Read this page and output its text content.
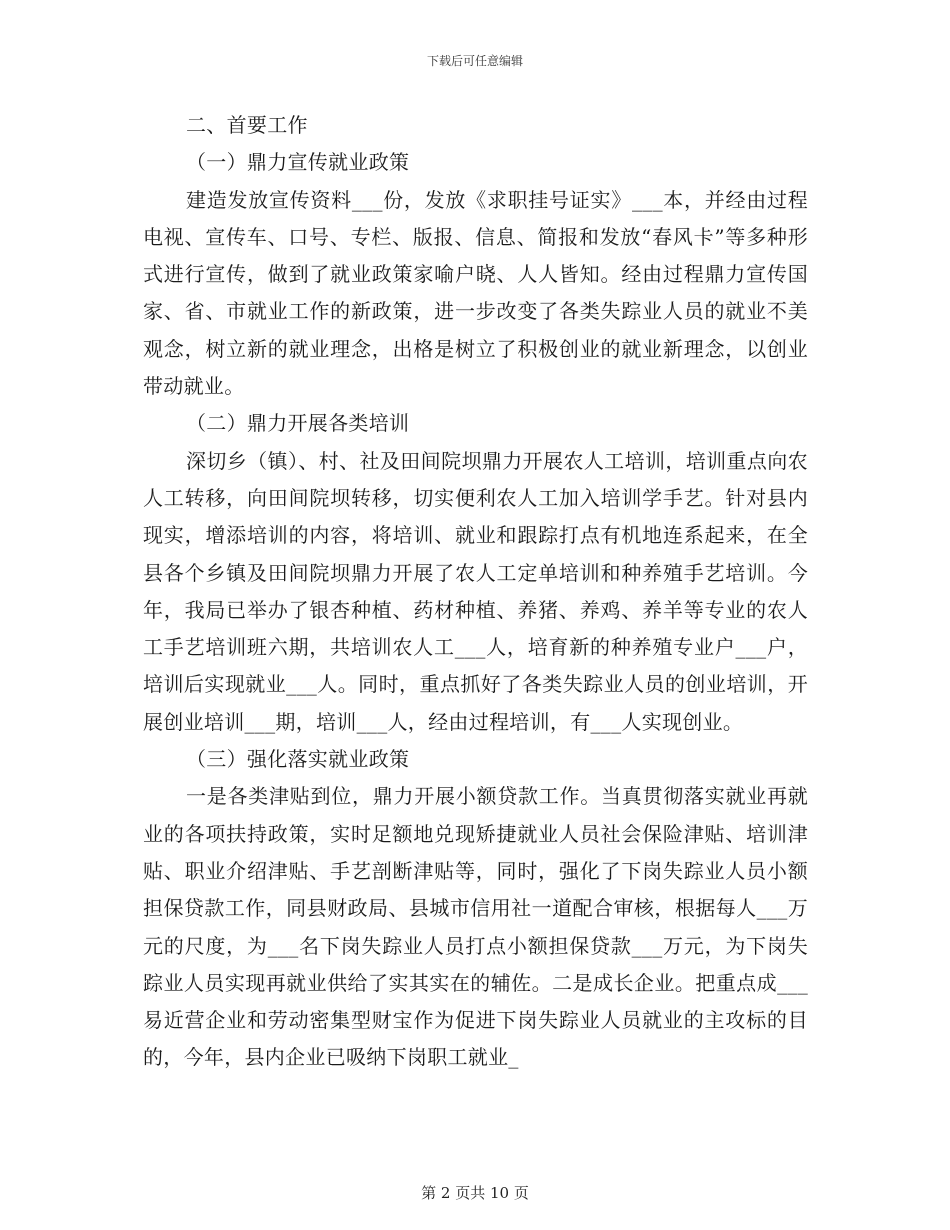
下载后可任意编辑

二、首要工作

（一）鼎力宣传就业政策

建造发放宣传资料___份，发放《求职挂号证实》___本，并经由过程电视、宣传车、口号、专栏、版报、信息、简报和发放“春风卡”等多种形式进行宣传，做到了就业政策家喻户晓、人人皆知。经由过程鼎力宣传国家、省、市就业工作的新政策，进一步改变了各类失踪业人员的就业不美观念，树立新的就业理念，出格是树立了积极创业的就业新理念，以创业带动就业。

（二）鼎力开展各类培训

深切乡（镇）、村、社及田间院坝鼎力开展农人工培训，培训重点向农人工转移，向田间院坝转移，切实便利农人工加入培训学手艺。针对县内现实，增添培训的内容，将培训、就业和跟踪打点有机地连系起来，在全县各个乡镇及田间院坝鼎力开展了农人工定单培训和种养殖手艺培训。今年，我局已举办了银杏种植、药材种植、养猪、养鸡、养羊等专业的农人工手艺培训班六期，共培训农人工___人，培育新的种养殖专业户___户，培训后实现就业___人。同时，重点抓好了各类失踪业人员的创业培训，开展创业培训___期，培训___人，经由过程培训，有___人实现创业。

（三）强化落实就业政策

一是各类津贴到位，鼎力开展小额贷款工作。当真贯彻落实就业再就业的各项扶持政策，实时足额地兑现矫捷就业人员社会保险津贴、培训津贴、职业介绍津贴、手艺剖断津贴等，同时，强化了下岗失踪业人员小额担保贷款工作，同县财政局、县城市信用社一道配合审核，根据每人___万元的尺度，为___名下岗失踪业人员打点小额担保贷款___万元，为下岗失踪业人员实现再就业供给了实其实在的辅佐。二是成长企业。把重点成___易近营企业和劳动密集型财宝作为促进下岗失踪业人员就业的主攻标的目的，今年，县内企业已吸纳下岗职工就业_

第 2 页共 10 页
